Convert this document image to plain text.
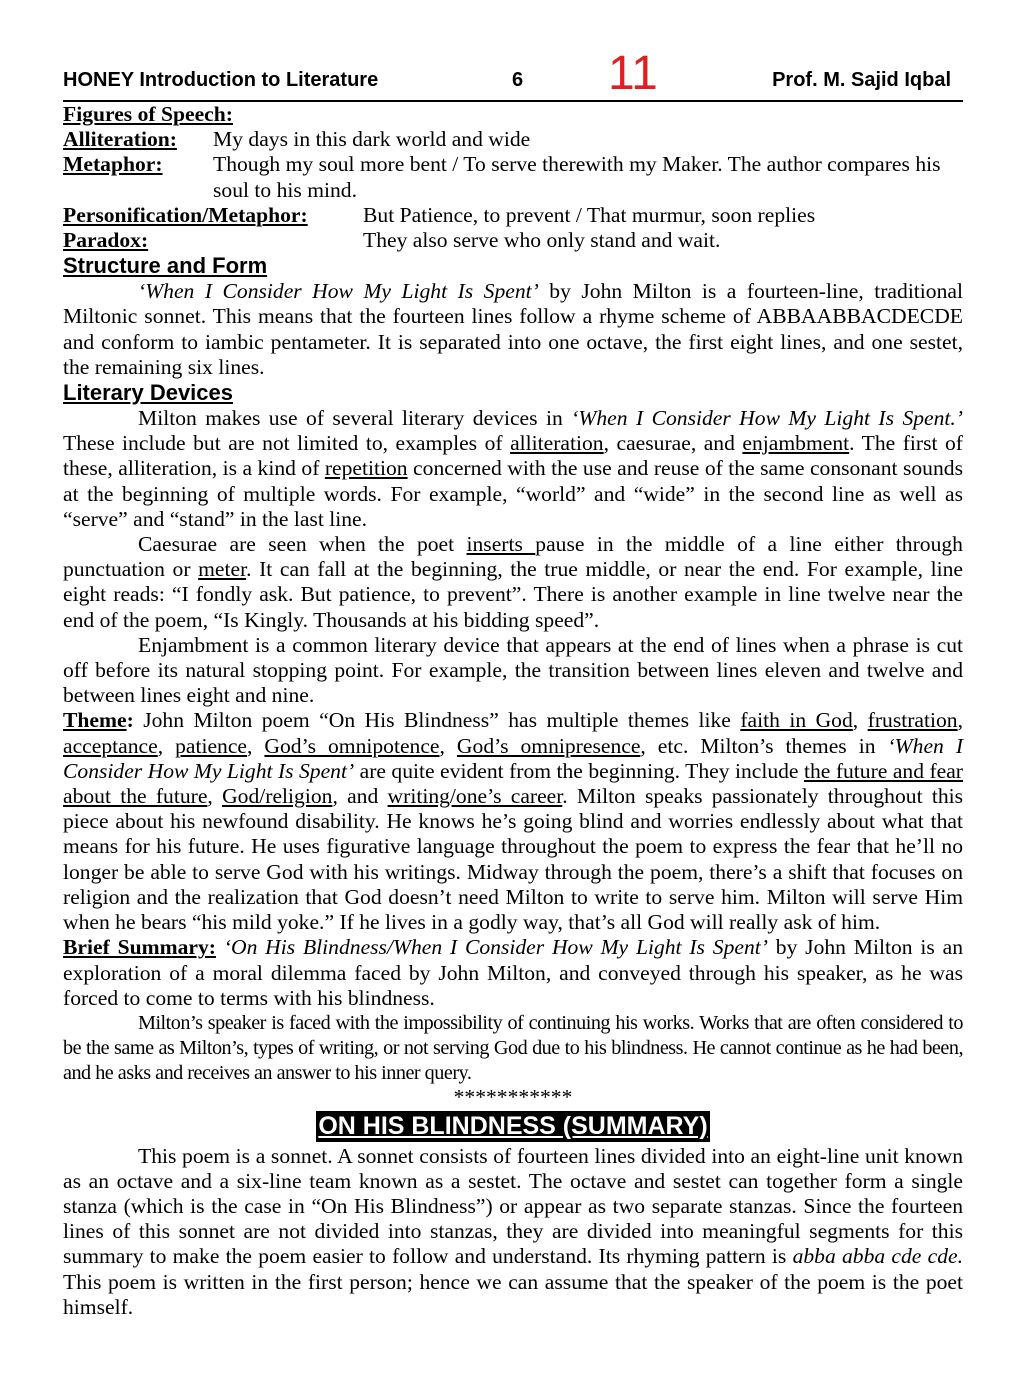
HONEY Introduction to Literature	6 11	Prof. M. Sajid Iqbal

Figures of Speech:

Alliteration:	My days in this dark world and wide
Metaphor:	Though my soul more bent / To serve therewith my Maker. The author compares his soul to his mind.
Personification/Metaphor:	But Patience, to prevent / That murmur, soon replies
Paradox:	They also serve who only stand and wait.
Structure and Form

‘When I Consider How My Light Is Spent’ by John Milton is a fourteen-line, traditional Miltonic sonnet. This means that the fourteen lines follow a rhyme scheme of ABBAABBACDECDE and conform to iambic pentameter. It is separated into one octave, the first eight lines, and one sestet, the remaining six lines.

Literary Devices

Milton makes use of several literary devices in ‘When I Consider How My Light Is Spent.’ These include but are not limited to, examples of alliteration, caesurae, and enjambment. The first of these, alliteration, is a kind of repetition concerned with the use and reuse of the same consonant sounds at the beginning of multiple words. For example, “world” and “wide” in the second line as well as “serve” and “stand” in the last line.

Caesurae are seen when the poet inserts pause in the middle of a line either through punctuation or meter. It can fall at the beginning, the true middle, or near the end. For example, line eight reads: “I fondly ask. But patience, to prevent”. There is another example in line twelve near the end of the poem, “Is Kingly. Thousands at his bidding speed”.

Enjambment is a common literary device that appears at the end of lines when a phrase is cut off before its natural stopping point. For example, the transition between lines eleven and twelve and between lines eight and nine.

Theme: John Milton poem “On His Blindness” has multiple themes like faith in God, frustration, acceptance, patience, God’s omnipotence, God’s omnipresence, etc. Milton’s themes in ‘When I Consider How My Light Is Spent’ are quite evident from the beginning. They include the future and fear about the future, God/religion, and writing/one’s career. Milton speaks passionately throughout this piece about his newfound disability. He knows he’s going blind and worries endlessly about what that means for his future. He uses figurative language throughout the poem to express the fear that he’ll no longer be able to serve God with his writings. Midway through the poem, there’s a shift that focuses on religion and the realization that God doesn’t need Milton to write to serve him. Milton will serve Him when he bears “his mild yoke.” If he lives in a godly way, that’s all God will really ask of him.

Brief Summary: ‘On His Blindness/When I Consider How My Light Is Spent’ by John Milton is an exploration of a moral dilemma faced by John Milton, and conveyed through his speaker, as he was forced to come to terms with his blindness.

Milton’s speaker is faced with the impossibility of continuing his works. Works that are often considered to be the same as Milton’s, types of writing, or not serving God due to his blindness. He cannot continue as he had been, and he asks and receives an answer to his inner query.

***********

ON HIS BLINDNESS (SUMMARY)

This poem is a sonnet. A sonnet consists of fourteen lines divided into an eight-line unit known as an octave and a six-line team known as a sestet. The octave and sestet can together form a single stanza (which is the case in “On His Blindness”) or appear as two separate stanzas. Since the fourteen lines of this sonnet are not divided into stanzas, they are divided into meaningful segments for this summary to make the poem easier to follow and understand. Its rhyming pattern is abba abba cde cde. This poem is written in the first person; hence we can assume that the speaker of the poem is the poet himself.
